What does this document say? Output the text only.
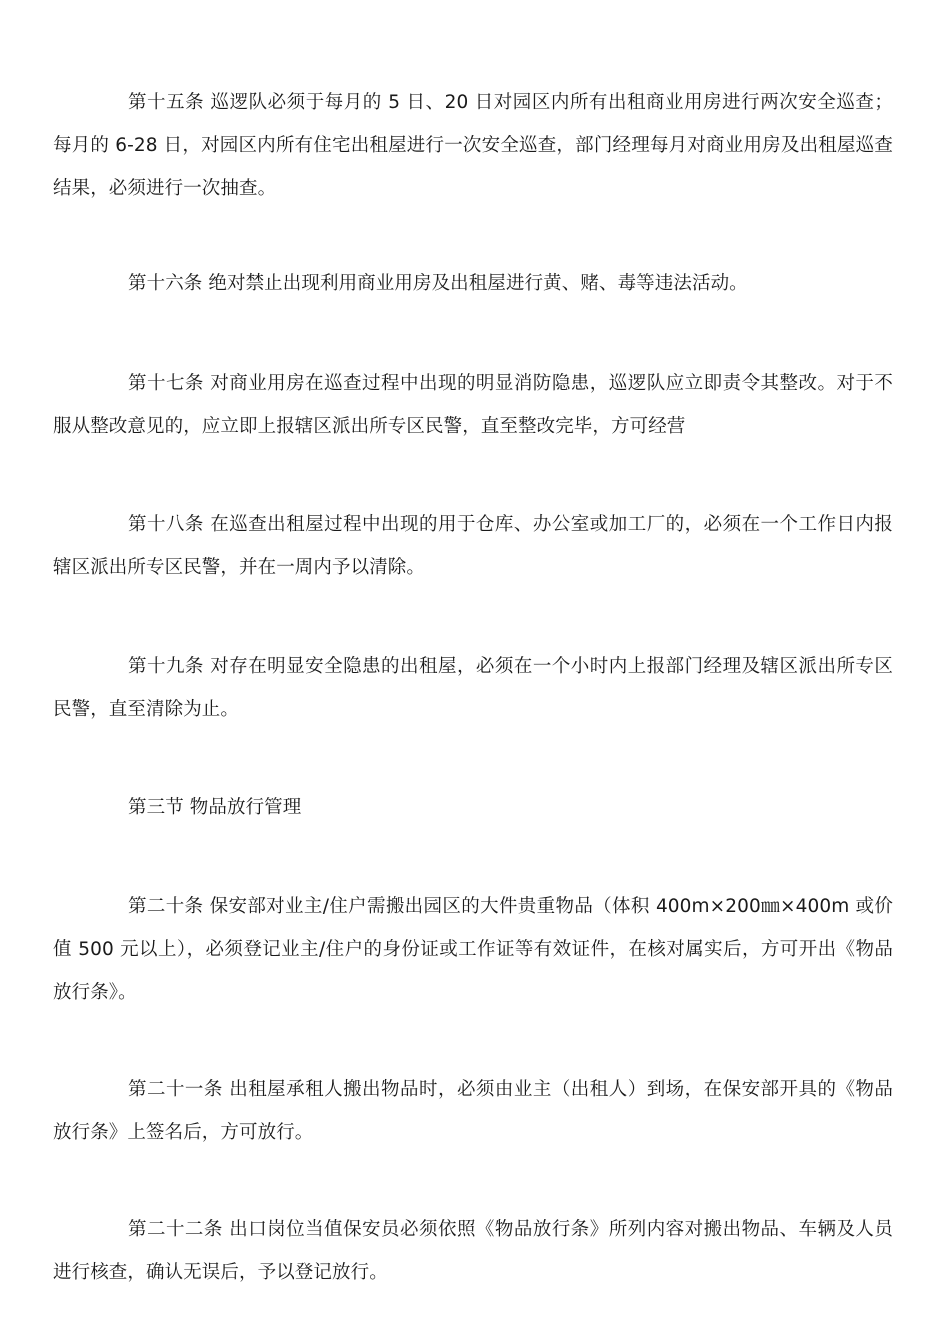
第十五条 巡逻队必须于每月的 5 日、20 日对园区内所有出租商业用房进行两次安全巡查；每月的 6-28 日，对园区内所有住宅出租屋进行一次安全巡查，部门经理每月对商业用房及出租屋巡查结果，必须进行一次抽查。

第十六条 绝对禁止出现利用商业用房及出租屋进行黄、赌、毒等违法活动。

第十七条 对商业用房在巡查过程中出现的明显消防隐患，巡逻队应立即责令其整改。对于不服从整改意见的，应立即上报辖区派出所专区民警，直至整改完毕，方可经营

第十八条 在巡查出租屋过程中出现的用于仓库、办公室或加工厂的，必须在一个工作日内报辖区派出所专区民警，并在一周内予以清除。

第十九条 对存在明显安全隐患的出租屋，必须在一个小时内上报部门经理及辖区派出所专区民警，直至清除为止。

第三节 物品放行管理

第二十条 保安部对业主/住户需搬出园区的大件贵重物品（体积 400m×200㎜×400m 或价值 500 元以上），必须登记业主/住户的身份证或工作证等有效证件，在核对属实后，方可开出《物品放行条》。

第二十一条 出租屋承租人搬出物品时，必须由业主（出租人）到场，在保安部开具的《物品放行条》上签名后，方可放行。

第二十二条 出口岗位当值保安员必须依照《物品放行条》所列内容对搬出物品、车辆及人员进行核查，确认无误后，予以登记放行。
